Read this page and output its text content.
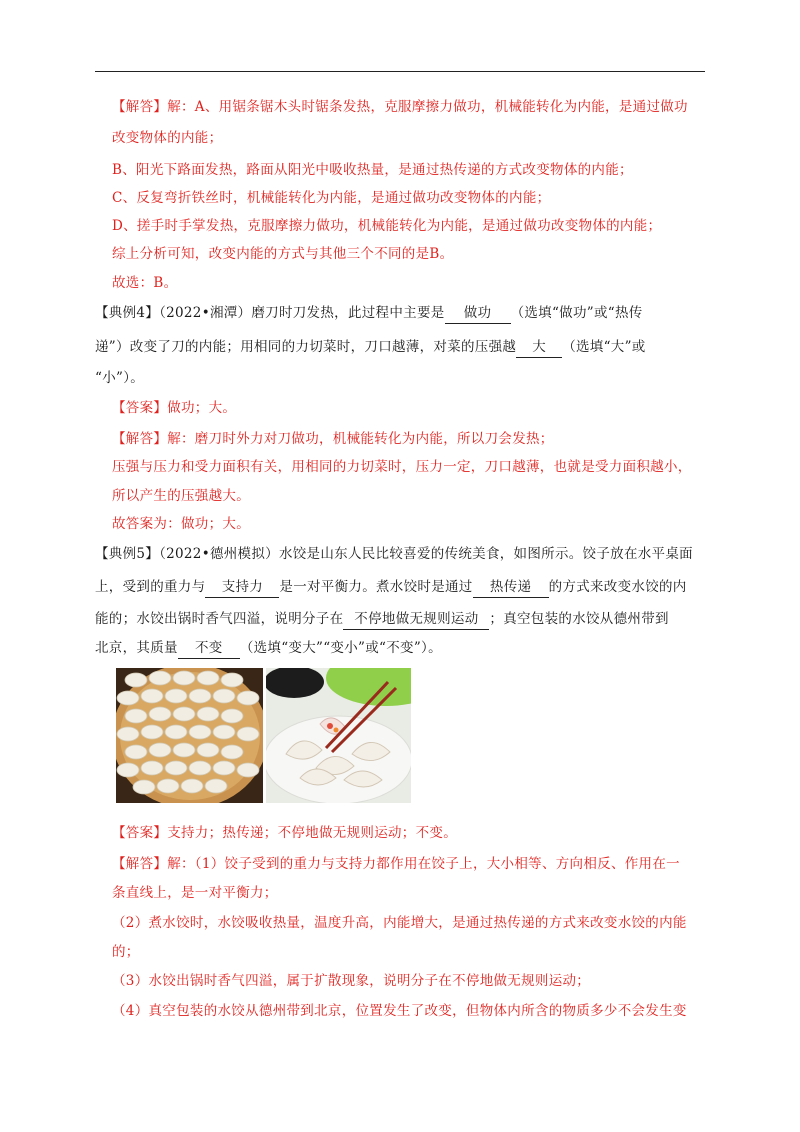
【解答】解：A、用锯条锯木头时锯条发热，克服摩擦力做功，机械能转化为内能，是通过做功
改变物体的内能；
B、阳光下路面发热，路面从阳光中吸收热量，是通过热传递的方式改变物体的内能；
C、反复弯折铁丝时，机械能转化为内能，是通过做功改变物体的内能；
D、搓手时手掌发热，克服摩擦力做功，机械能转化为内能，是通过做功改变物体的内能；
综上分析可知，改变内能的方式与其他三个不同的是B。
故选：B。
【典例4】（2022•湘潭）磨刀时刀发热，此过程中主要是 做功 （选填“做功”或“热传
递”）改变了刀的内能；用相同的力切菜时，刀口越薄，对菜的压强越 大 （选填“大”或
“小”）。
【答案】做功；大。
【解答】解：磨刀时外力对刀做功，机械能转化为内能，所以刀会发热；
压强与压力和受力面积有关，用相同的力切菜时，压力一定，刀口越薄，也就是受力面积越小，
所以产生的压强越大。
故答案为：做功；大。
【典例5】（2022•德州模拟）水饺是山东人民比较喜爱的传统美食，如图所示。饺子放在水平桌面
上，受到的重力与 支持力 是一对平衡力。煮水饺时是通过 热传递 的方式来改变水饺的内
能的；水饺出锅时香气四溢，说明分子在 不停地做无规则运动 ；真空包装的水饺从德州带到
北京，其质量 不变 （选填“变大”“变小”或“不变”）。
【答案】支持力；热传递；不停地做无规则运动；不变。
【解答】解：（1）饺子受到的重力与支持力都作用在饺子上，大小相等、方向相反、作用在一
条直线上，是一对平衡力；
（2）煮水饺时，水饺吸收热量，温度升高，内能增大，是通过热传递的方式来改变水饺的内能
的；
（3）水饺出锅时香气四溢，属于扩散现象，说明分子在不停地做无规则运动；
（4）真空包装的水饺从德州带到北京，位置发生了改变，但物体内所含的物质多少不会发生变
